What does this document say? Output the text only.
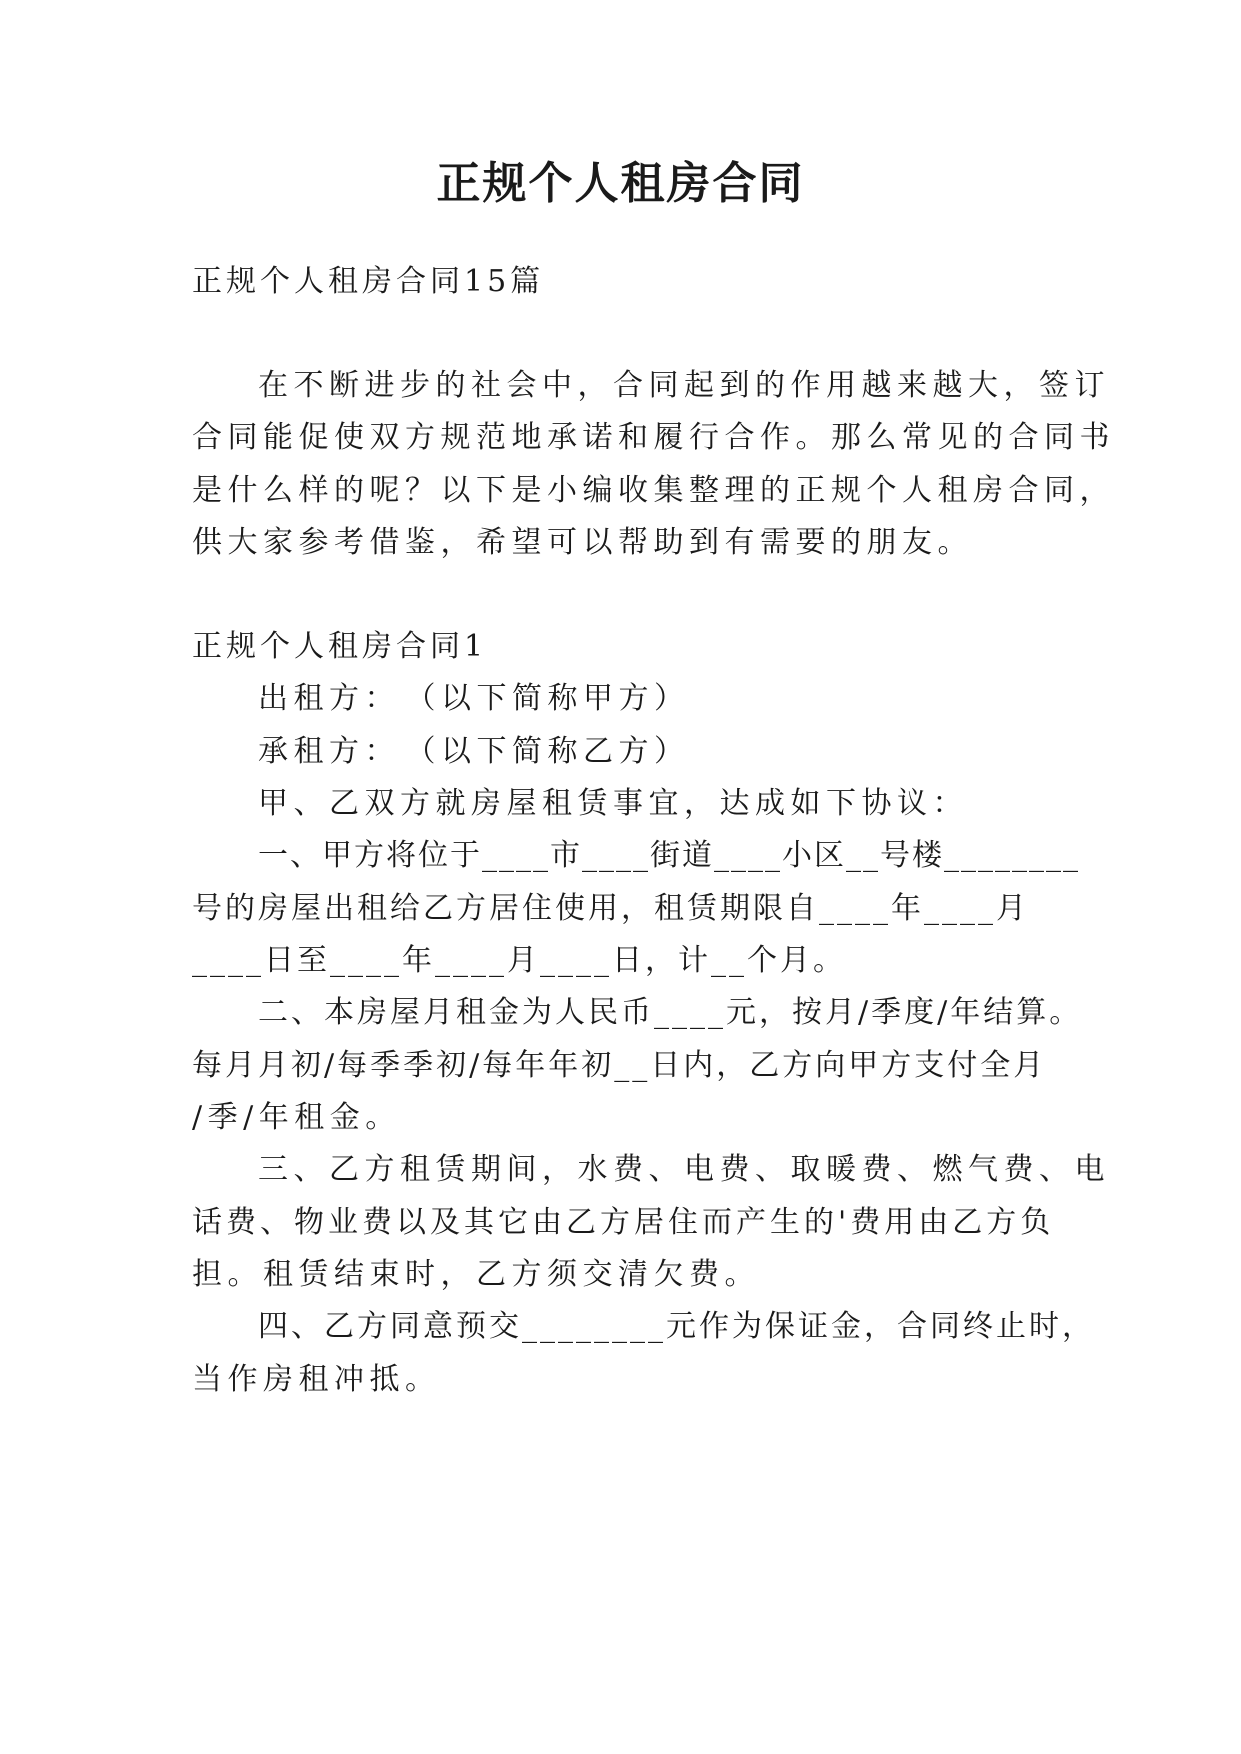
正规个人租房合同
正规个人租房合同15篇
在不断进步的社会中，合同起到的作用越来越大，签订
合同能促使双方规范地承诺和履行合作。那么常见的合同书
是什么样的呢？以下是小编收集整理的正规个人租房合同，
供大家参考借鉴，希望可以帮助到有需要的朋友。
正规个人租房合同1
出租方：　（以下简称甲方）
承租方：　（以下简称乙方）
甲、乙双方就房屋租赁事宜，达成如下协议：
一、甲方将位于____市____街道____小区__号楼________
号的房屋出租给乙方居住使用，租赁期限自____年____月
____日至____年____月____日，计__个月。
二、本房屋月租金为人民币____元，按月/季度/年结算。
每月月初/每季季初/每年年初__日内，乙方向甲方支付全月
/季/年租金。
三、乙方租赁期间，水费、电费、取暖费、燃气费、电
话费、物业费以及其它由乙方居住而产生的'费用由乙方负
担。租赁结束时，乙方须交清欠费。
四、乙方同意预交________元作为保证金，合同终止时，
当作房租冲抵。
